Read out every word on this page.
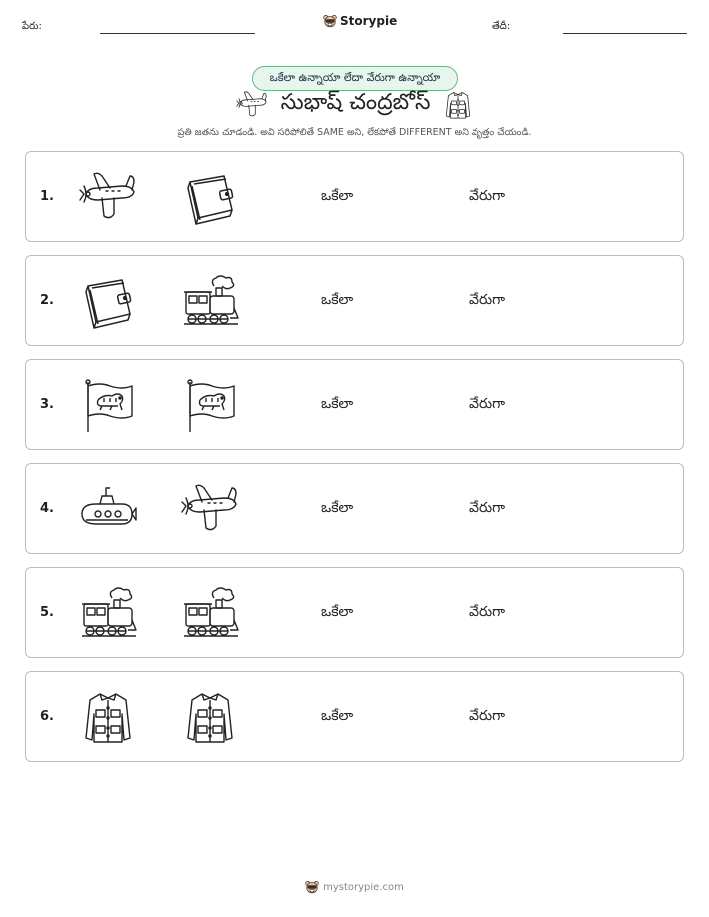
పేరు:	Storypie	తేదీ:
ఒకేలా ఉన్నాయా లేదా వేరుగా ఉన్నాయా
సుభాష్ చంద్రబోస్
ప్రతి జతను చూడండి. అవి సరిపోలితే SAME అని, లేకపోతే DIFFERENT అని వృత్తం చేయండి.
1.	ఒకేలా	వేరుగా
2.	ఒకేలా	వేరుగా
3.	ఒకేలా	వేరుగా
4.	ఒకేలా	వేరుగా
5.	ఒకేలా	వేరుగా
6.	ఒకేలా	వేరుగా
mystorypie.com
